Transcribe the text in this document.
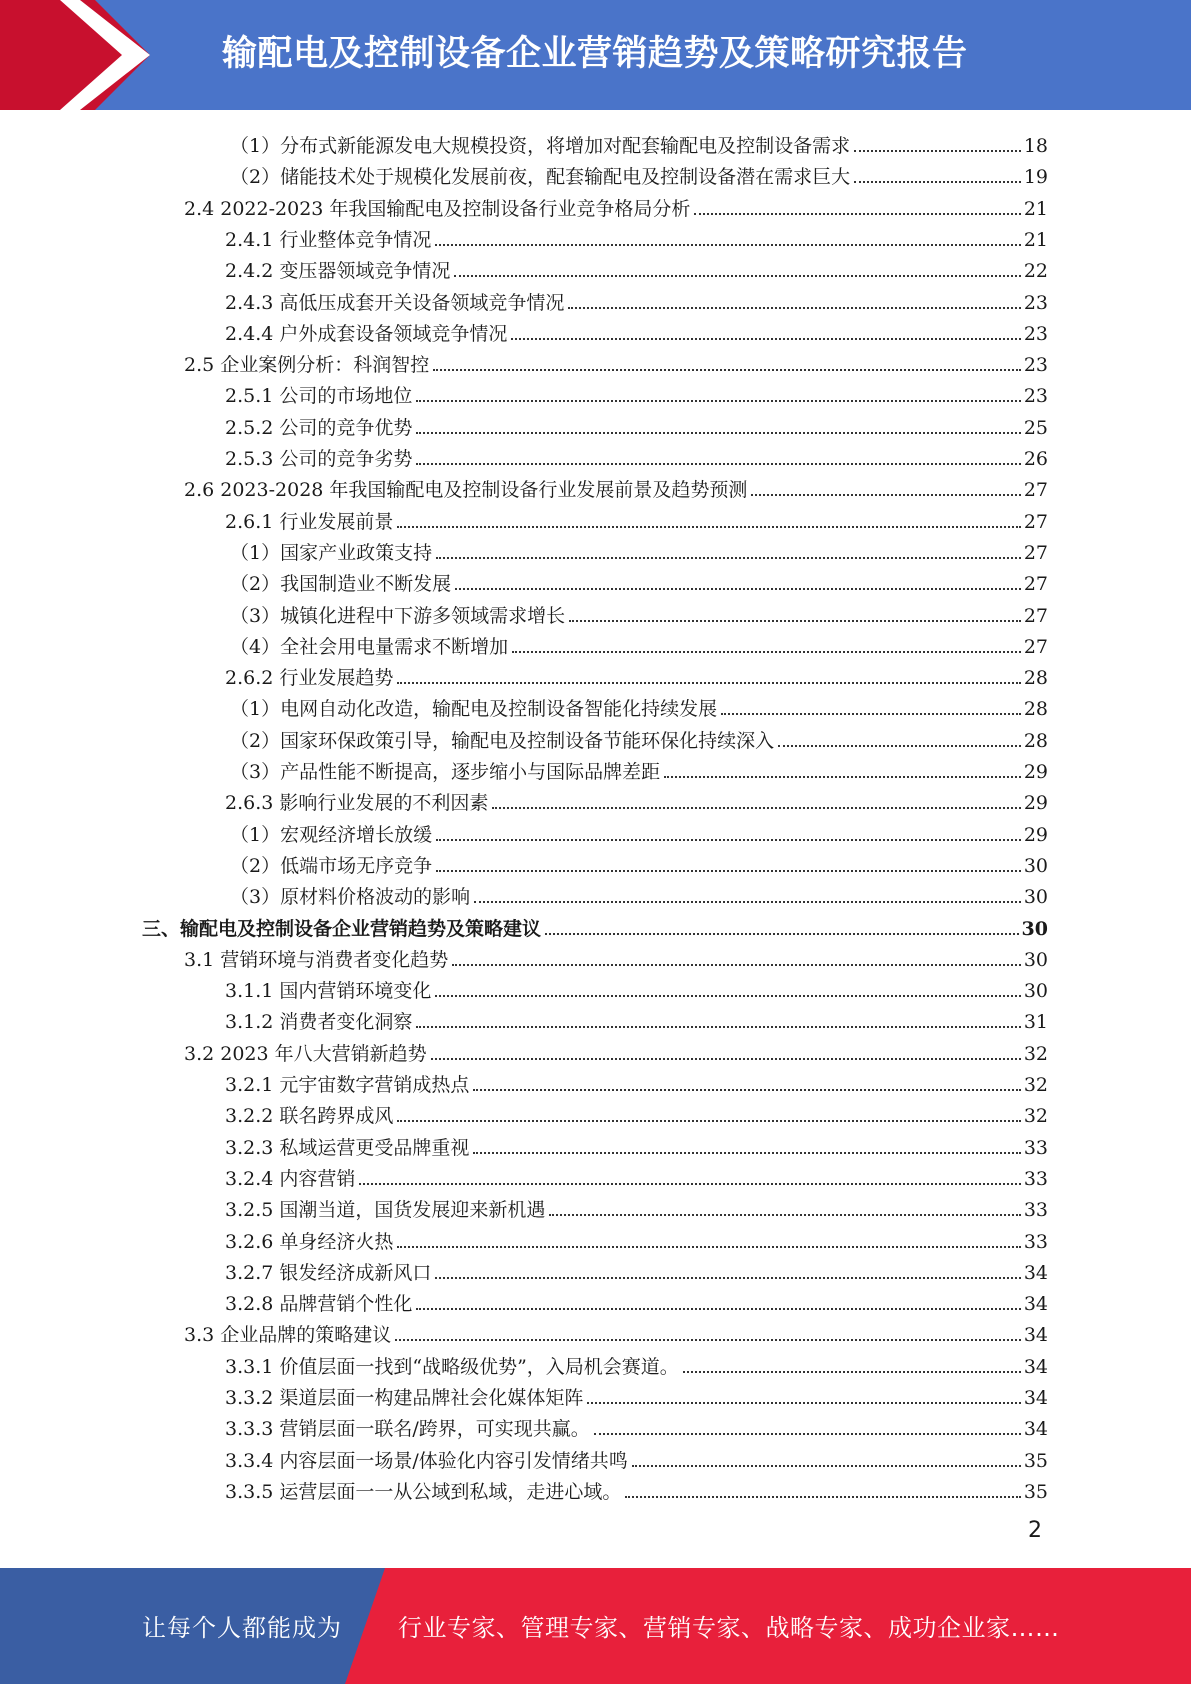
输配电及控制设备企业营销趋势及策略研究报告
（1）分布式新能源发电大规模投资，将增加对配套输配电及控制设备需求	18
（2）储能技术处于规模化发展前夜，配套输配电及控制设备潜在需求巨大	19
2.4 2022-2023 年我国输配电及控制设备行业竞争格局分析	21
2.4.1 行业整体竞争情况	21
2.4.2 变压器领域竞争情况	22
2.4.3 高低压成套开关设备领域竞争情况	23
2.4.4 户外成套设备领域竞争情况	23
2.5 企业案例分析：科润智控	23
2.5.1 公司的市场地位	23
2.5.2 公司的竞争优势	25
2.5.3 公司的竞争劣势	26
2.6 2023-2028 年我国输配电及控制设备行业发展前景及趋势预测	27
2.6.1 行业发展前景	27
（1）国家产业政策支持	27
（2）我国制造业不断发展	27
（3）城镇化进程中下游多领域需求增长	27
（4）全社会用电量需求不断增加	27
2.6.2 行业发展趋势	28
（1）电网自动化改造，输配电及控制设备智能化持续发展	28
（2）国家环保政策引导，输配电及控制设备节能环保化持续深入	28
（3）产品性能不断提高，逐步缩小与国际品牌差距	29
2.6.3 影响行业发展的不利因素	29
（1）宏观经济增长放缓	29
（2）低端市场无序竞争	30
（3）原材料价格波动的影响	30
三、输配电及控制设备企业营销趋势及策略建议	30
3.1 营销环境与消费者变化趋势	30
3.1.1 国内营销环境变化	30
3.1.2 消费者变化洞察	31
3.2 2023 年八大营销新趋势	32
3.2.1 元宇宙数字营销成热点	32
3.2.2 联名跨界成风	32
3.2.3 私域运营更受品牌重视	33
3.2.4 内容营销	33
3.2.5 国潮当道，国货发展迎来新机遇	33
3.2.6 单身经济火热	33
3.2.7 银发经济成新风口	34
3.2.8 品牌营销个性化	34
3.3 企业品牌的策略建议	34
3.3.1 价值层面一找到“战略级优势”，入局机会赛道。	34
3.3.2 渠道层面一构建品牌社会化媒体矩阵	34
3.3.3 营销层面一联名/跨界，可实现共赢。	34
3.3.4 内容层面一场景/体验化内容引发情绪共鸣	35
3.3.5 运营层面一一从公域到私域，走进心域。	35
2
让每个人都能成为 行业专家、管理专家、营销专家、战略专家、成功企业家……
